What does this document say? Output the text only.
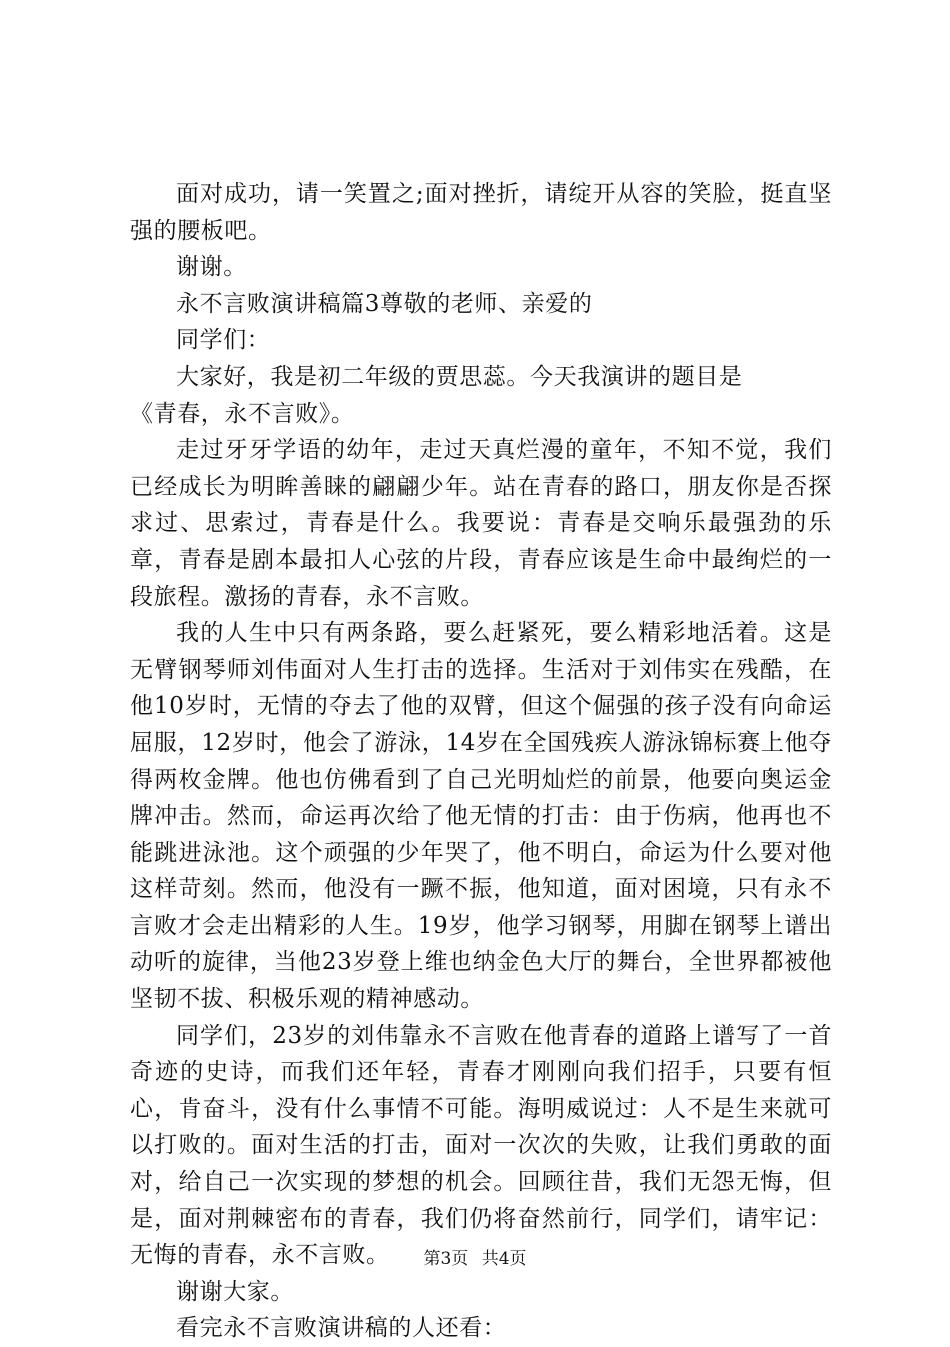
面对成功，请一笑置之;面对挫折，请绽开从容的笑脸，挺直坚强的腰板吧。

谢谢。

永不言败演讲稿篇3尊敬的老师、亲爱的

同学们：

大家好，我是初二年级的贾思蕊。今天我演讲的题目是
《青春，永不言败》。

走过牙牙学语的幼年，走过天真烂漫的童年，不知不觉，我们已经成长为明眸善睐的翩翩少年。站在青春的路口，朋友你是否探求过、思索过，青春是什么。我要说：青春是交响乐最强劲的乐章，青春是剧本最扣人心弦的片段，青春应该是生命中最绚烂的一段旅程。激扬的青春，永不言败。

我的人生中只有两条路，要么赶紧死，要么精彩地活着。这是无臂钢琴师刘伟面对人生打击的选择。生活对于刘伟实在残酷，在他10岁时，无情的夺去了他的双臂，但这个倔强的孩子没有向命运屈服，12岁时，他会了游泳，14岁在全国残疾人游泳锦标赛上他夺得两枚金牌。他也仿佛看到了自己光明灿烂的前景，他要向奥运金牌冲击。然而，命运再次给了他无情的打击：由于伤病，他再也不能跳进泳池。这个顽强的少年哭了，他不明白，命运为什么要对他这样苛刻。然而，他没有一蹶不振，他知道，面对困境，只有永不言败才会走出精彩的人生。19岁，他学习钢琴，用脚在钢琴上谱出动听的旋律，当他23岁登上维也纳金色大厅的舞台，全世界都被他坚韧不拔、积极乐观的精神感动。

同学们，23岁的刘伟靠永不言败在他青春的道路上谱写了一首奇迹的史诗，而我们还年轻，青春才刚刚向我们招手，只要有恒心，肯奋斗，没有什么事情不可能。海明威说过：人不是生来就可以打败的。面对生活的打击，面对一次次的失败，让我们勇敢的面对，给自己一次实现的梦想的机会。回顾往昔，我们无怨无悔，但是，面对荆棘密布的青春，我们仍将奋然前行，同学们，请牢记：无悔的青春，永不言败。

谢谢大家。

看完永不言败演讲稿的人还看：

第3页 共4页
